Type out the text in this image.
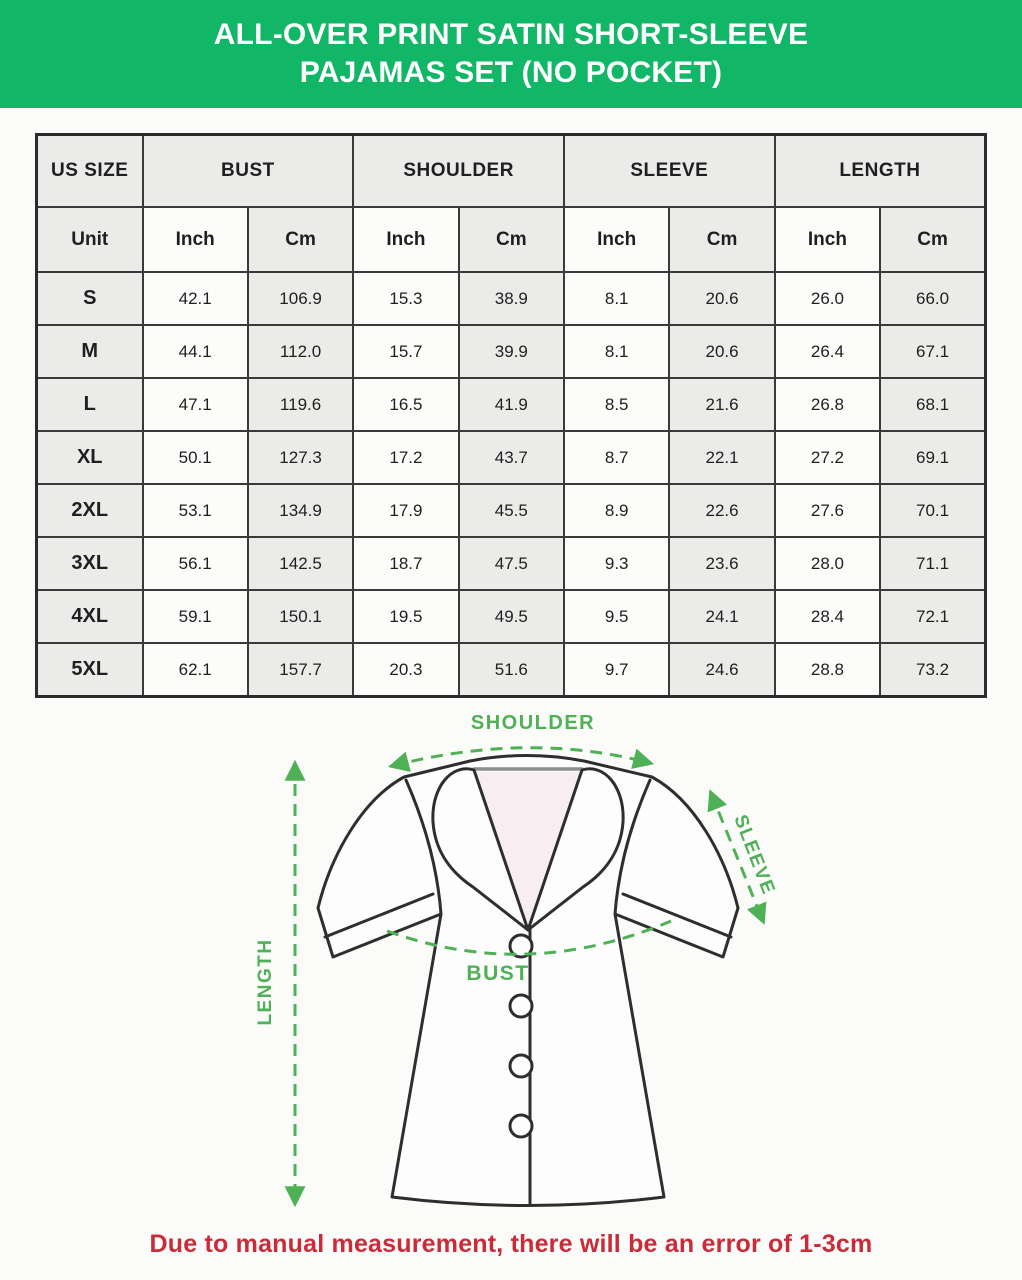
ALL-OVER PRINT SATIN SHORT-SLEEVE
PAJAMAS SET (NO POCKET)
US SIZE	BUST		SHOULDER		SLEEVE		LENGTH	
Unit	Inch	Cm	Inch	Cm	Inch	Cm	Inch	Cm
S	42.1	106.9	15.3	38.9	8.1	20.6	26.0	66.0
M	44.1	112.0	15.7	39.9	8.1	20.6	26.4	67.1
L	47.1	119.6	16.5	41.9	8.5	21.6	26.8	68.1
XL	50.1	127.3	17.2	43.7	8.7	22.1	27.2	69.1
2XL	53.1	134.9	17.9	45.5	8.9	22.6	27.6	70.1
3XL	56.1	142.5	18.7	47.5	9.3	23.6	28.0	71.1
4XL	59.1	150.1	19.5	49.5	9.5	24.1	28.4	72.1
5XL	62.1	157.7	20.3	51.6	9.7	24.6	28.8	73.2
SHOULDER
SLEEVE
LENGTH	BUST
Due to manual measurement, there will be an error of 1-3cm
